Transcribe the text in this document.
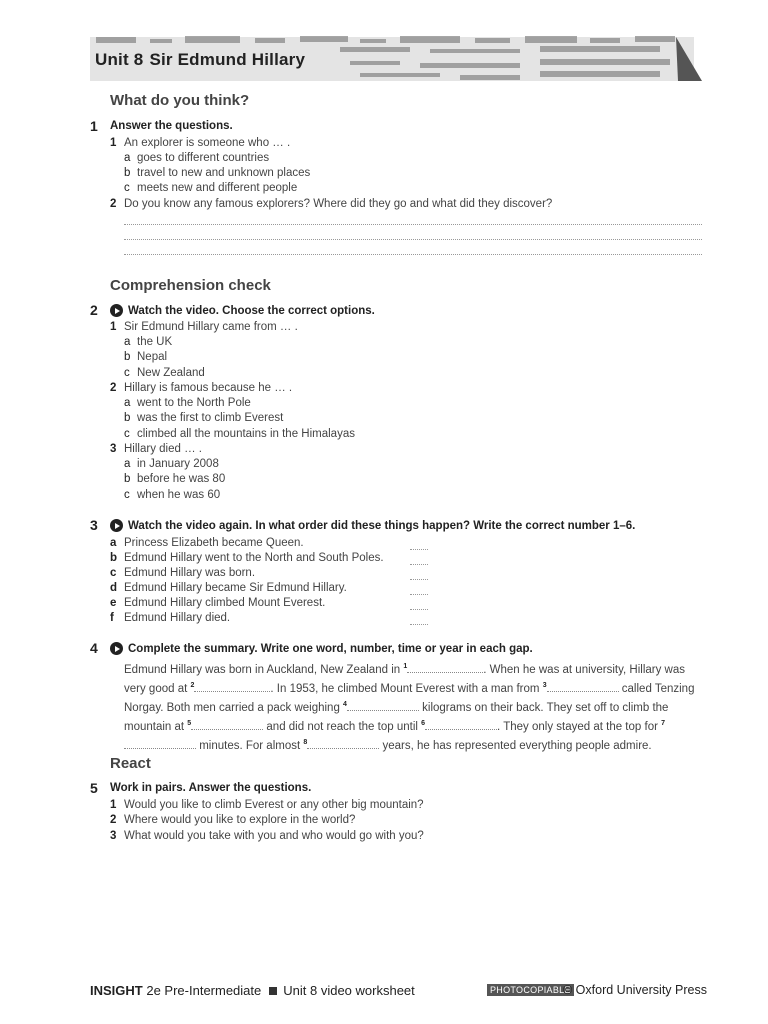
Unit 8 Sir Edmund Hillary
What do you think?
1 Answer the questions.
1 An explorer is someone who … .
a goes to different countries
b travel to new and unknown places
c meets new and different people
2 Do you know any famous explorers? Where did they go and what did they discover?
Comprehension check
2	Watch the video. Choose the correct options.
1 Sir Edmund Hillary came from … .
a the UK
b Nepal
c New Zealand
2 Hillary is famous because he … .
a went to the North Pole
b was the first to climb Everest
c climbed all the mountains in the Himalayas
3 Hillary died … .
a in January 2008
b before he was 80
c when he was 60
3	Watch the video again. In what order did these things happen? Write the correct number 1–6.
a Princess Elizabeth became Queen.
b Edmund Hillary went to the North and South Poles.
c Edmund Hillary was born.
d Edmund Hillary became Sir Edmund Hillary.
e Edmund Hillary climbed Mount Everest.
f Edmund Hillary died.
4	Complete the summary. Write one word, number, time or year in each gap.
Edmund Hillary was born in Auckland, New Zealand in $^1$	. When he was at university, Hillary was very good at $^2$	. In 1953, he climbed Mount Everest with a man from $^3$	called Tenzing Norgay. Both men carried a pack weighing $^4$	kilograms on their back. They set off to climb the mountain at $^5$	and did not reach the top until $^6$	. They only stayed at the top for $^7$ minutes. For almost $^8$	years, he has represented everything people admire.
React
5 Work in pairs. Answer the questions.
1 Would you like to climb Everest or any other big mountain?
2 Where would you like to explore in the world?
3 What would you take with you and who would go with you?
INSIGHT 2e Pre-Intermediate Unit 8 video worksheet	PHOTOCOPIABLE
© Oxford University Press
